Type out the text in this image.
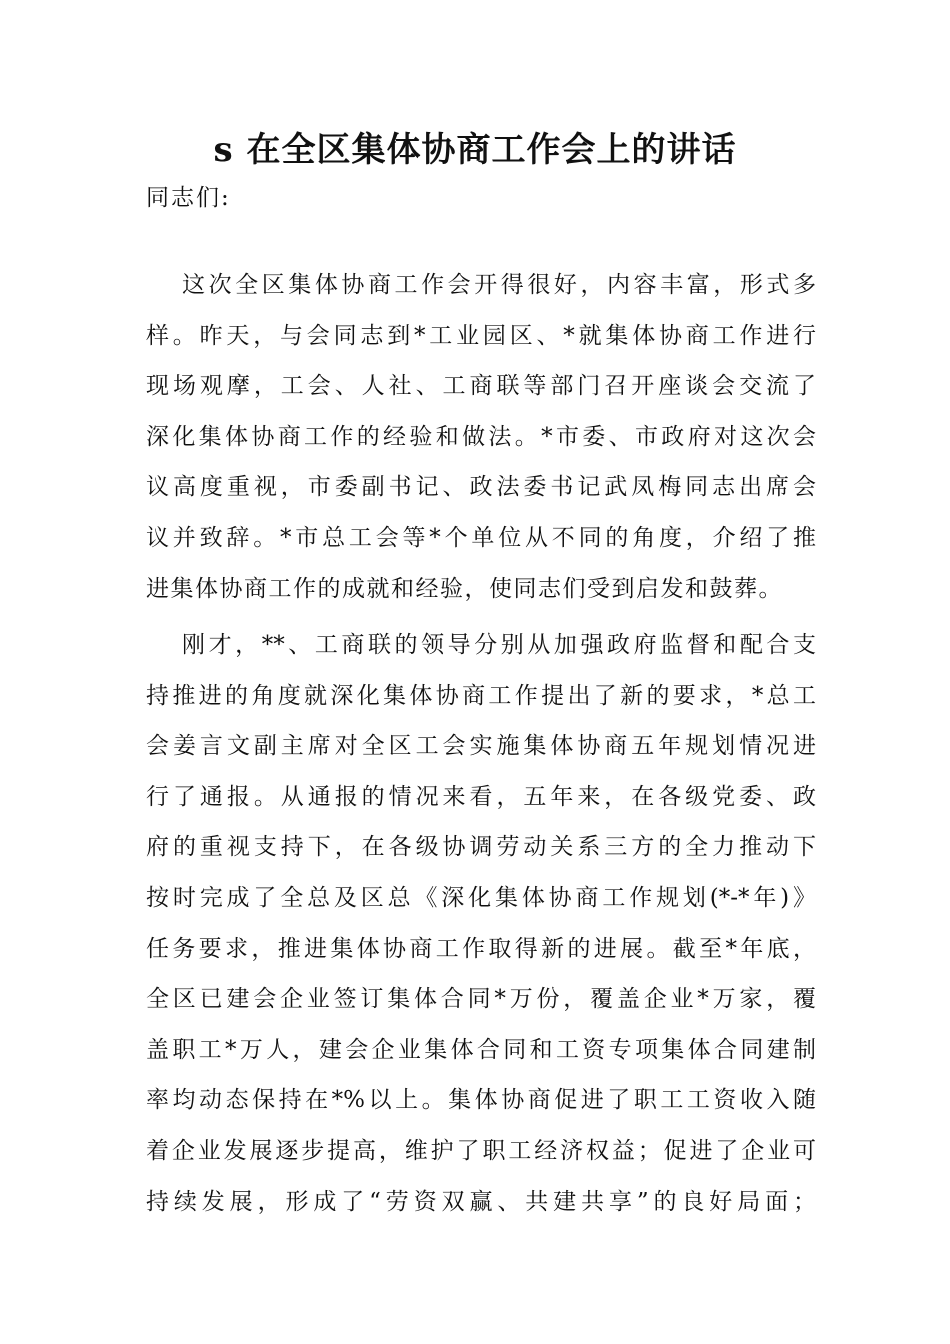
s 在全区集体协商工作会上的讲话
同志们:
这次全区集体协商工作会开得很好，内容丰富，形式多
样。昨天，与会同志到*工业园区、*就集体协商工作进行
现场观摩，工会、人社、工商联等部门召开座谈会交流了
深化集体协商工作的经验和做法。*市委、市政府对这次会
议高度重视，市委副书记、政法委书记武凤梅同志出席会
议并致辞。*市总工会等*个单位从不同的角度，介绍了推
进集体协商工作的成就和经验，使同志们受到启发和鼓葬。
刚才，**、工商联的领导分别从加强政府监督和配合支
持推进的角度就深化集体协商工作提出了新的要求，*总工
会姜言文副主席对全区工会实施集体协商五年规划情况进
行了通报。从通报的情况来看，五年来，在各级党委、政
府的重视支持下，在各级协调劳动关系三方的全力推动下
按时完成了全总及区总《深化集体协商工作规划(*-*年)》
任务要求，推进集体协商工作取得新的进展。截至*年底，
全区已建会企业签订集体合同*万份，覆盖企业*万家，覆
盖职工*万人，建会企业集体合同和工资专项集体合同建制
率均动态保持在*%以上。集体协商促进了职工工资收入随
着企业发展逐步提高，维护了职工经济权益；促进了企业可
持续发展，形成了“劳资双赢、共建共享”的良好局面；
